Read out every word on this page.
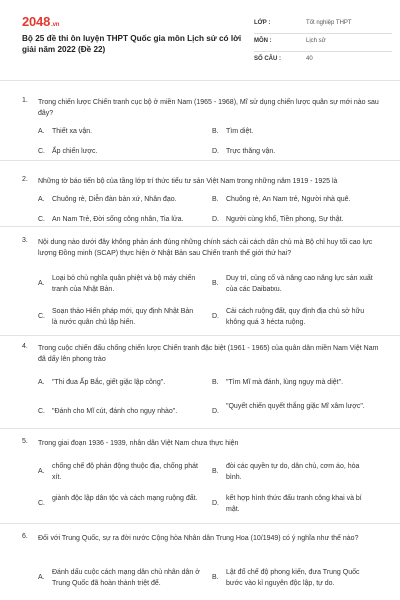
2048.vn
Bộ 25 đề thi ôn luyện THPT Quốc gia môn Lịch sử có lời giải năm 2022 (Đề 22)
LỚP :	Tốt nghiệp THPT
MÔN :	Lịch sử
SỐ CÂU :	40
1. Trong chiến lược Chiến tranh cục bộ ở miền Nam (1965 - 1968), Mĩ sử dụng chiến lược quân sự mới nào sau đây?
A. Thiết xa vận.	B. Tìm diệt.
C. Ấp chiến lược.	D. Trực thăng vận.
2. Những tờ báo tiến bộ của tầng lớp trí thức tiểu tư sản Việt Nam trong những năm 1919 - 1925 là
A. Chuông rè, Diễn đàn bản xứ, Nhân đạo.	B. Chuông rè, An Nam trẻ, Người nhà quê.
C. An Nam Trẻ, Đời sống công nhân, Tia lửa.	D. Người cùng khổ, Tiền phong, Sự thật.
3. Nội dung nào dưới đây không phản ánh đúng những chính sách cải cách dân chủ mà Bộ chỉ huy tối cao lực lượng Đồng minh (SCAP) thực hiện ở Nhật Bản sau Chiến tranh thế giới thứ hai?
A.
Loại bỏ chủ nghĩa quân phiệt và bộ máy chiến tranh của Nhật Bản.
B.
Duy trì, củng cố và nâng cao năng lực sản xuất của các Daibatxu.
C.
Soạn thảo Hiến pháp mới, quy định Nhật Bản là nước quân chủ lập hiến.
D.
Cải cách ruộng đất, quy định địa chủ sở hữu không quá 3 hécta ruộng.
4. Trong cuộc chiến đấu chống chiến lược Chiến tranh đặc biệt (1961 - 1965) của quân dân miền Nam Việt Nam đã dấy lên phong trào
A. "Thi đua Ấp Bắc, giết giặc lập công".	B. "Tìm Mĩ mà đánh, lùng ngụy mà diệt".
C. "Đánh cho Mĩ cút, đánh cho ngụy nhào".	D.
"Quyết chiến quyết thắng giặc Mĩ xâm lược".
5. Trong giai đoạn 1936 - 1939, nhân dân Việt Nam chưa thực hiện
A.
chống chế độ phản động thuộc địa, chống phát xít.
B.
đòi các quyền tự do, dân chủ, cơm áo, hòa bình.
C.
giành độc lập dân tộc và cách mạng ruộng đất.
D.
kết hợp hình thức đấu tranh công khai và bí mật.
6. Đối với Trung Quốc, sự ra đời nước Cộng hòa Nhân dân Trung Hoa (10/1949) có ý nghĩa như thế nào?
A.
Đánh dấu cuộc cách mạng dân chủ nhân dân ở Trung Quốc đã hoàn thành triệt để.
B.
Lật đổ chế độ phong kiến, đưa Trung Quốc bước vào kỉ nguyên độc lập, tự do.
